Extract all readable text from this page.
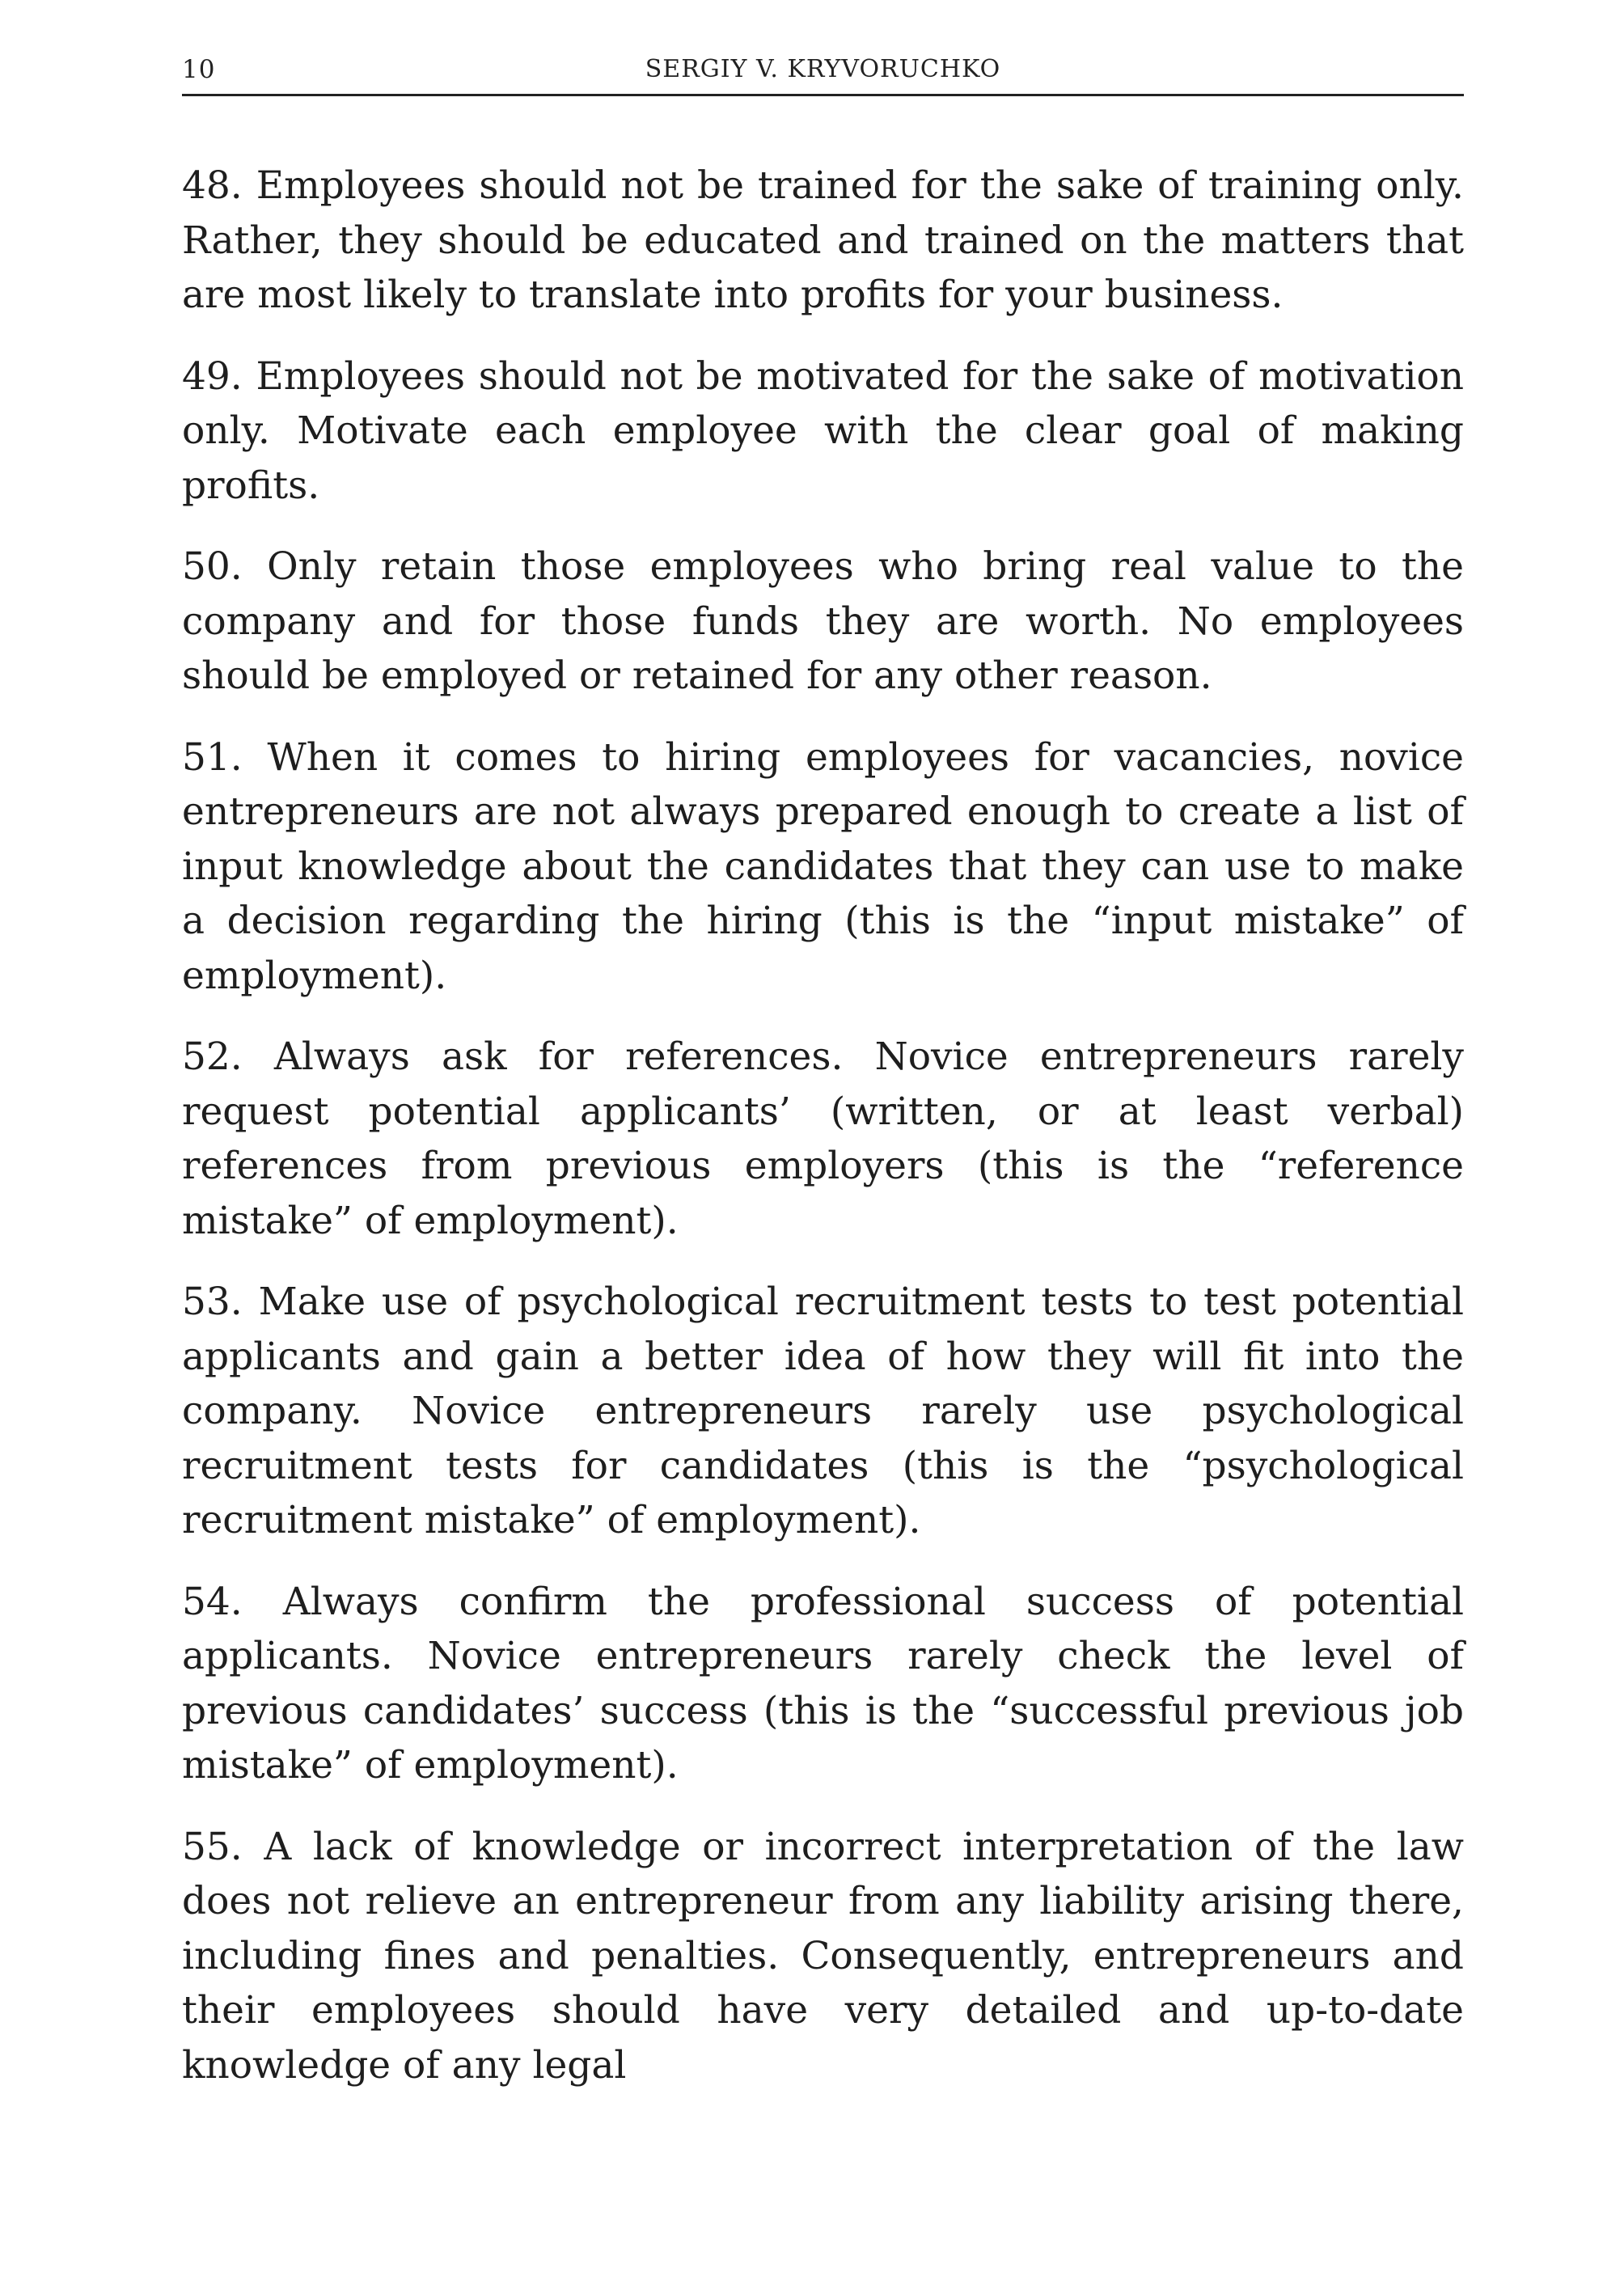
10	SERGIY V. KRYVORUCHKO

48. Employees should not be trained for the sake of training only. Rather, they should be educated and trained on the matters that are most likely to translate into profits for your business.

49. Employees should not be motivated for the sake of motivation only. Motivate each employee with the clear goal of making profits.

50. Only retain those employees who bring real value to the company and for those funds they are worth. No employees should be employed or retained for any other reason.

51. When it comes to hiring employees for vacancies, novice entrepreneurs are not always prepared enough to create a list of input knowledge about the candidates that they can use to make a decision regarding the hiring (this is the “input mistake” of employment).

52. Always ask for references. Novice entrepreneurs rarely request potential applicants’ (written, or at least verbal) references from previous employers (this is the “reference mistake” of employment).

53. Make use of psychological recruitment tests to test potential applicants and gain a better idea of how they will fit into the company. Novice entrepreneurs rarely use psychological recruitment tests for candidates (this is the “psychological recruitment mistake” of employment).

54. Always confirm the professional success of potential applicants. Novice entrepreneurs rarely check the level of previous candidates’ success (this is the “successful previous job mistake” of employment).

55. A lack of knowledge or incorrect interpretation of the law does not relieve an entrepreneur from any liability arising there, including fines and penalties. Consequently, entrepreneurs and their employees should have very detailed and up-to-date knowledge of any legal
